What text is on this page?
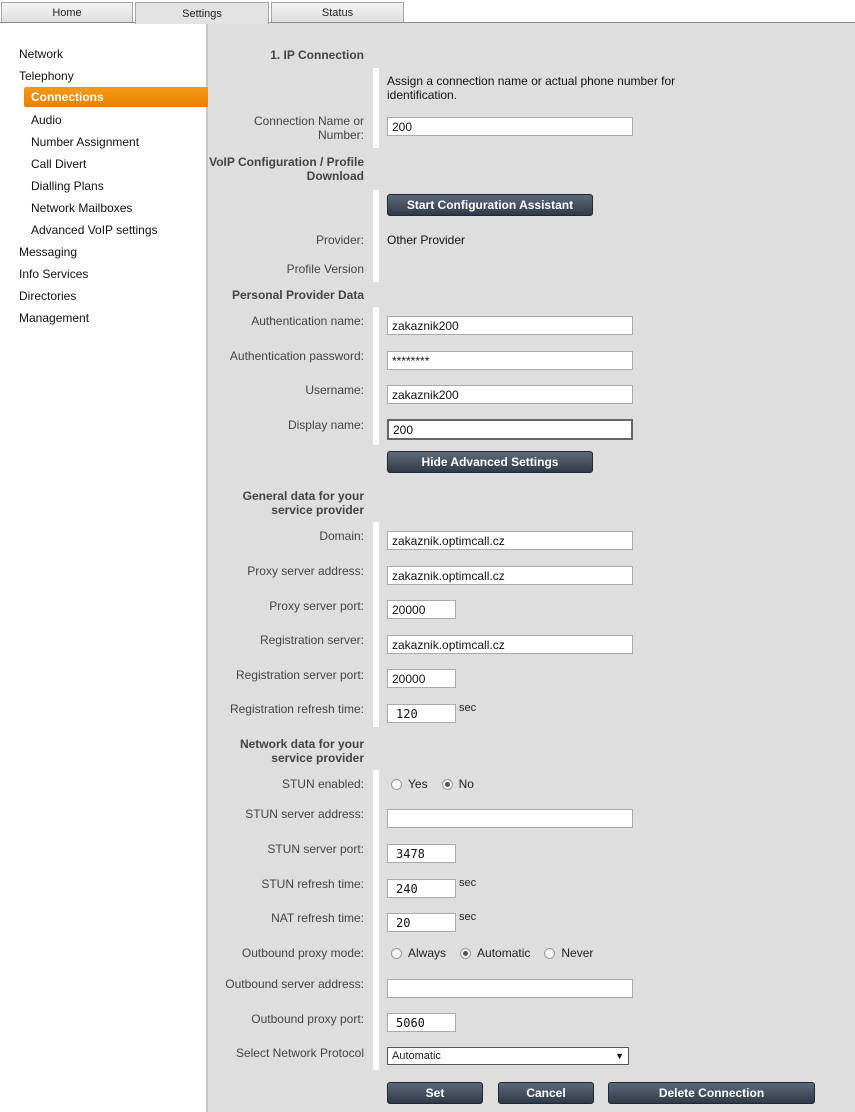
Home	Settings	Status
Network
Telephony
Connections
Audio
Number Assignment
Call Divert
Dialling Plans
Network Mailboxes
Advanced VoIP settings
Messaging
Info Services
Directories
Management
1. IP Connection
Assign a connection name or actual phone number for
identification.
Connection Name or
Number:
200
VoIP Configuration / Profile
Download
Start Configuration Assistant
Provider: Other Provider
Profile Version
Personal Provider Data
Authentication name:
zakaznik200
Authentication password:
********
Username:
zakaznik200
Display name:
200
Hide Advanced Settings
General data for your
service provider
Domain:
zakaznik.optimcall.cz
Proxy server address:
zakaznik.optimcall.cz
Proxy server port:
20000
Registration server:
zakaznik.optimcall.cz
Registration server port:
20000
Registration refresh time:
120	sec
Network data for your
service provider
STUN enabled:	Yes	No
STUN server address:
STUN server port:
3478
STUN refresh time:
240	sec
NAT refresh time:
20	sec
Outbound proxy mode:	Always	Automatic	Never
Outbound server address:
Outbound proxy port:
5060
Select Network Protocol	Automatic	▼
Set	Cancel	Delete Connection
